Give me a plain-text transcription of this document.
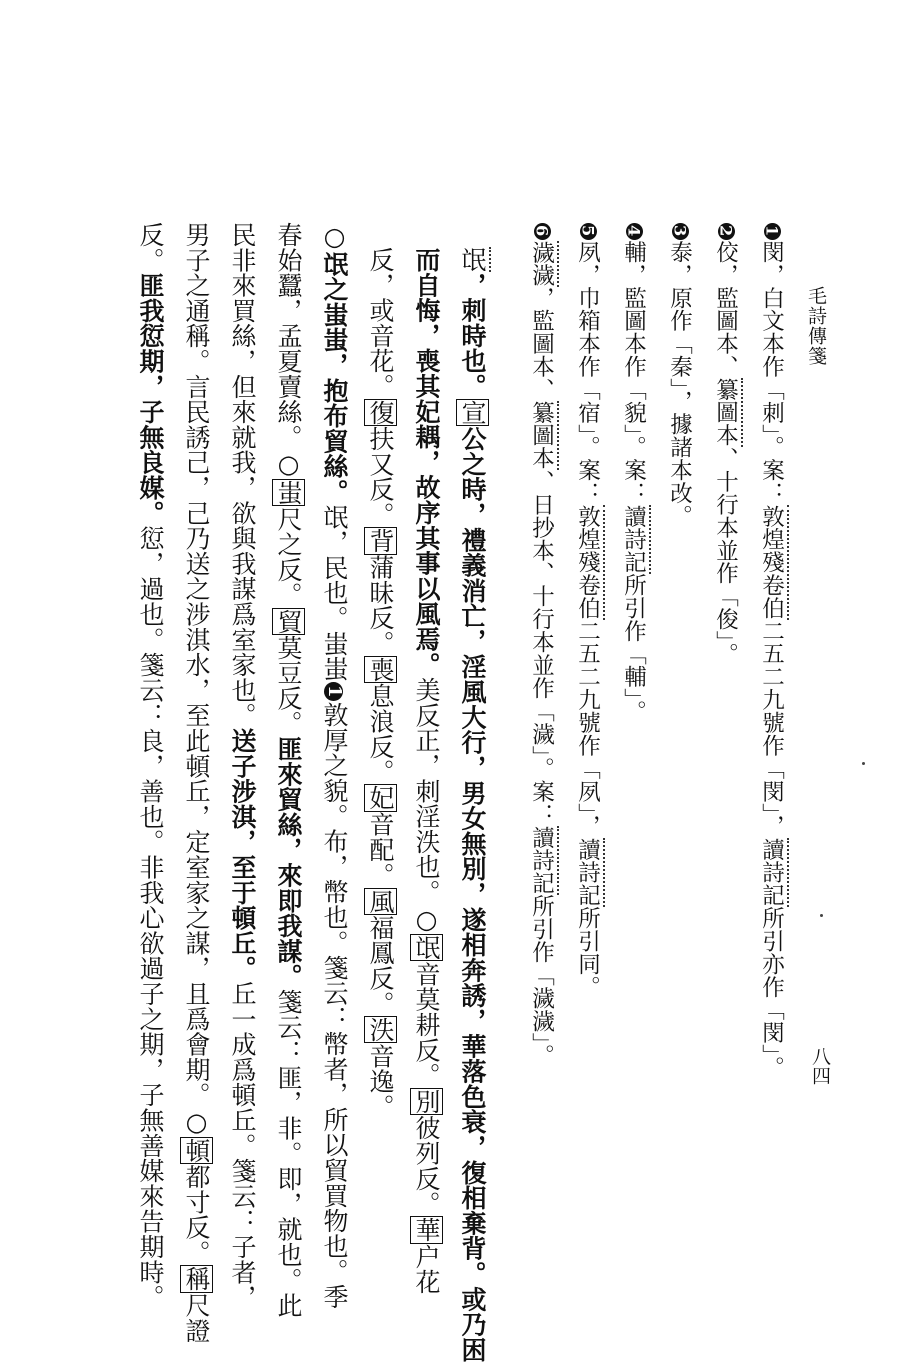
毛詩傳箋
八四
1閔，白文本作「刺」。案：敦煌殘卷伯二五二九號作「閔」，讀詩記所引亦作「閔」。
2佼，監圖本、纂圖本、十行本並作「俊」。
3泰，原作「秦」，據諸本改。
4輔，監圖本作「貌」。案：讀詩記所引作「輔」。
5夙，巾箱本作「宿」。案：敦煌殘卷伯二五二九號作「夙」，讀詩記所引同。
6濊濊，監圖本、纂圖本、日抄本、十行本並作「濊」。案：讀詩記所引作「濊濊」。
氓，刺時也。宣公之時，禮義消亡，淫風大行，男女無別，遂相奔誘，華落色衰，復相棄背。或乃困
而自悔，喪其妃耦，故序其事以風焉。美反正，刺淫泆也。○氓音莫耕反。別彼列反。華户花
反，或音花。復扶又反。背蒲昧反。喪息浪反。妃音配。風福鳳反。泆音逸。
○氓之蚩蚩，抱布貿絲。氓，民也。蚩蚩1敦厚之貌。布，幣也。箋云：幣者，所以貿買物也。季
春始蠶，孟夏賣絲。○蚩尺之反。貿莫豆反。匪來貿絲，來即我謀。箋云：匪，非。即，就也。此
民非來買絲，但來就我，欲與我謀爲室家也。送子涉淇，至于頓丘。丘一成爲頓丘。箋云：子者，
男子之通稱。言民誘己，己乃送之涉淇水，至此頓丘，定室家之謀，且爲會期。○頓都寸反。稱尺證
反。匪我愆期，子無良媒。愆，過也。箋云：良，善也。非我心欲過子之期，子無善媒來告期時。
